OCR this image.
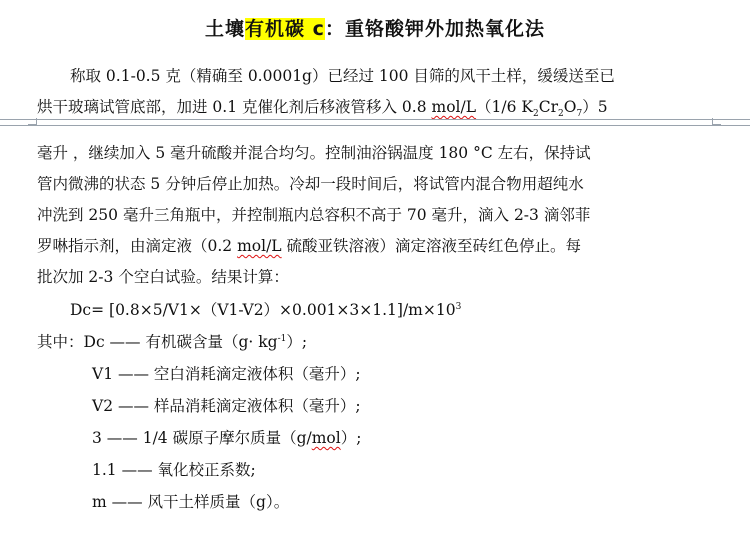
土壤有机碳 c：重铬酸钾外加热氧化法
称取 0.1-0.5 克（精确至 0.0001g）已经过 100 目筛的风干土样，缓缓送至已
烘干玻璃试管底部，加进 0.1 克催化剂后移液管移入 0.8 mol/L（1/6 $K_2Cr_2O_7)5$
毫升 ，继续加入 5 毫升硫酸并混合均匀。控制油浴锅温度 180 °C 左右，保持试
管内微沸的状态 5 分钟后停止加热。冷却一段时间后，将试管内混合物用超纯水
冲洗到 250 毫升三角瓶中，并控制瓶内总容积不高于 70 毫升，滴入 2-3 滴邻菲
罗啉指示剂，由滴定液（0.2 mol/L 硫酸亚铁溶液）滴定溶液至砖红色停止。每
批次加 2-3 个空白试验。结果计算：
$Dc= [0.8\times 5/V1\times(V1-V2)\times 0.001\times 3\times 1.1]/m\times 10^3$
其中：Dc —— 有机碳含量$(g\cdot kg^{-1})$;
V1 —— 空白消耗滴定液体积（毫升）;
V2 —— 样品消耗滴定液体积（毫升）;
3 —— 1/4 碳原子摩尔质量（g/mol）;
1.1 —— 氧化校正系数;
m —— 风干土样质量（g）。
